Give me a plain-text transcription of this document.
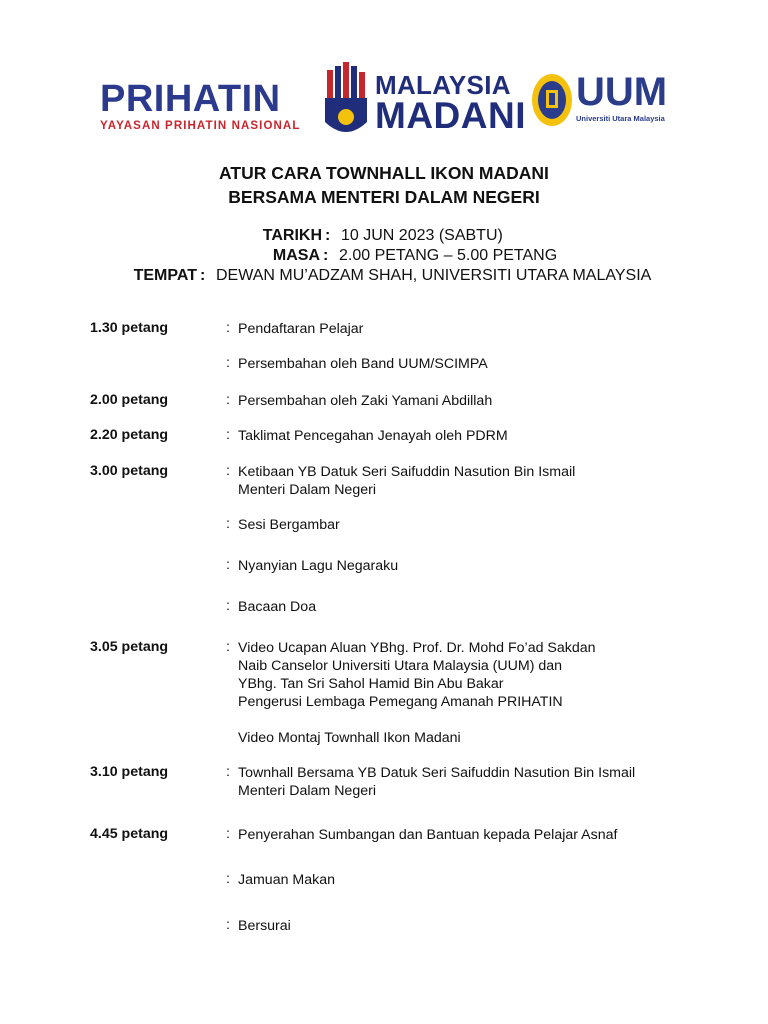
PRIHATIN
YAYASAN PRIHATIN NASIONAL
MALAYSIA
MADANI
UUM
Universiti Utara Malaysia
ATUR CARA TOWNHALL IKON MADANI
BERSAMA MENTERI DALAM NEGERI
TARIKH : 10 JUN 2023 (SABTU)
MASA : 2.00 PETANG – 5.00 PETANG
TEMPAT : DEWAN MU’ADZAM SHAH, UNIVERSITI UTARA MALAYSIA
1.30 petang	: Pendaftaran Pelajar
: Persembahan oleh Band UUM/SCIMPA
2.00 petang	: Persembahan oleh Zaki Yamani Abdillah
2.20 petang	: Taklimat Pencegahan Jenayah oleh PDRM
3.00 petang	: Ketibaan YB Datuk Seri Saifuddin Nasution Bin Ismail
Menteri Dalam Negeri
: Sesi Bergambar
: Nyanyian Lagu Negaraku
: Bacaan Doa
3.05 petang	: Video Ucapan Aluan YBhg. Prof. Dr. Mohd Fo’ad Sakdan
Naib Canselor Universiti Utara Malaysia (UUM) dan
YBhg. Tan Sri Sahol Hamid Bin Abu Bakar
Pengerusi Lembaga Pemegang Amanah PRIHATIN
Video Montaj Townhall Ikon Madani
3.10 petang	: Townhall Bersama YB Datuk Seri Saifuddin Nasution Bin Ismail
Menteri Dalam Negeri
4.45 petang	: Penyerahan Sumbangan dan Bantuan kepada Pelajar Asnaf
: Jamuan Makan
: Bersurai
